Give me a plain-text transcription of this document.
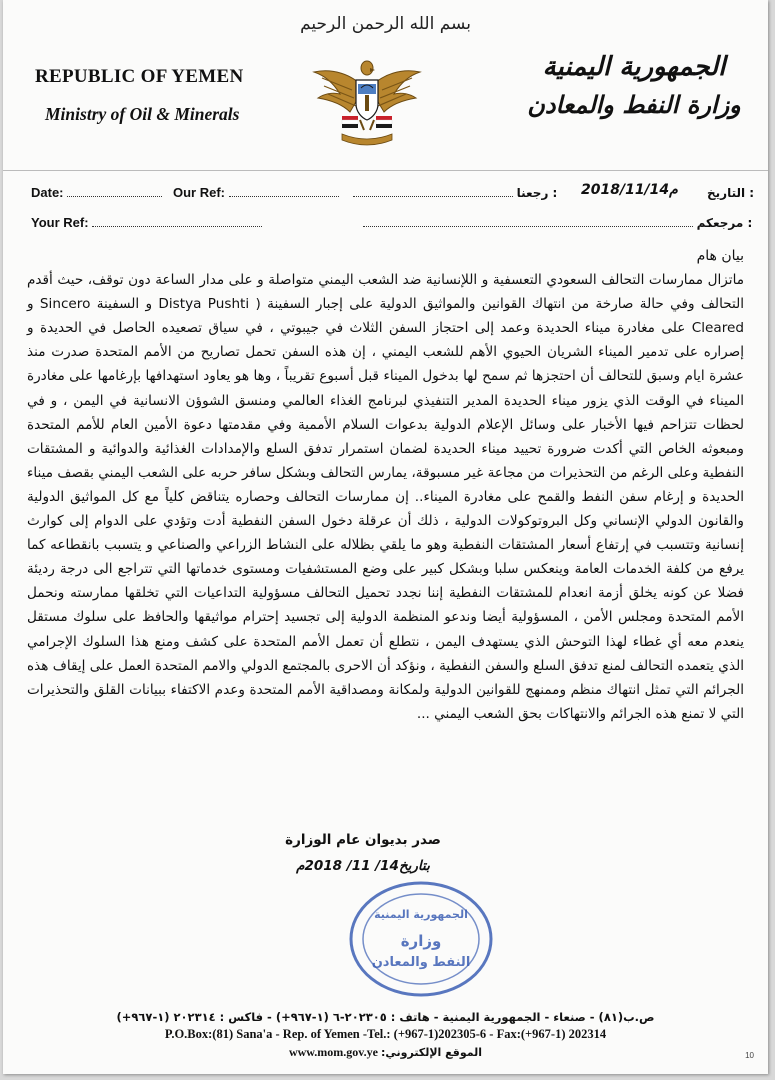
بسم الله الرحمن الرحيم
REPUBLIC OF YEMEN
Ministry of Oil & Minerals
الجمهورية اليمنية
وزارة النفط والمعادن
Date:	Our Ref:	رجعنا : 2018/11/14م التاريخ :
Your Ref:	مرجعكم :
بيان هام

ماتزال ممارسات التحالف السعودي التعسفية و اللإنسانية ضد الشعب اليمني متواصلة و على مدار الساعة دون توقف، حيث أقدم التحالف وفي حالة صارخة من انتهاك القوانين والمواثيق الدولية على إجبار السفينة ( Distya Pushti و السفينة Sincero و Cleared على مغادرة ميناء الحديدة وعمد إلى احتجاز السفن الثلاث في جيبوتي ، في سياق تصعيده الحاصل في الحديدة و إصراره على تدمير الميناء الشريان الحيوي الأهم للشعب اليمني ، إن هذه السفن تحمل تصاريح من الأمم المتحدة صدرت منذ عشرة ايام وسبق للتحالف أن احتجزها ثم سمح لها بدخول الميناء قبل أسبوع تقريباً ، وها هو يعاود استهدافها بإرغامها على مغادرة الميناء في الوقت الذي يزور ميناء الحديدة المدير التنفيذي لبرنامج الغذاء العالمي ومنسق الشوؤن الانسانية في اليمن ، و في لحظات تتزاحم فيها الأخبار على وسائل الإعلام الدولية بدعوات السلام الأممية وفي مقدمتها دعوة الأمين العام للأمم المتحدة ومبعوثه الخاص التي أكدت ضرورة تحييد ميناء الحديدة لضمان استمرار تدفق السلع والإمدادات الغذائية والدوائية و المشتقات النفطية وعلى الرغم من التحذيرات من مجاعة غير مسبوقة، يمارس التحالف وبشكل سافر حربه على الشعب اليمني بقصف ميناء الحديدة و إرغام سفن النفط والقمح على مغادرة الميناء.. إن ممارسات التحالف وحصاره يتناقض كلياً مع كل المواثيق الدولية والقانون الدولي الإنساني وكل البروتوكولات الدولية ، ذلك أن عرقلة دخول السفن النفطية أدت وتؤدي على الدوام إلى كوارث إنسانية وتتسبب في إرتفاع أسعار المشتقات النفطية وهو ما يلقي بظلاله على النشاط الزراعي والصناعي و يتسبب بانقطاعه كما يرفع من كلفة الخدمات العامة وينعكس سلبا وبشكل كبير على وضع المستشفيات ومستوى خدماتها التي تتراجع الى درجة رديئة فضلا عن كونه يخلق أزمة انعدام للمشتقات النفطية إننا نجدد تحميل التحالف مسؤولية التداعيات التي تخلقها ممارسته ونحمل الأمم المتحدة ومجلس الأمن ، المسؤولية أيضا وندعو المنظمة الدولية إلى تجسيد إحترام مواثيقها والحافظ على سلوك مستقل ينعدم معه أي غطاء لهذا التوحش الذي يستهدف اليمن ، نتطلع أن تعمل الأمم المتحدة على كشف ومنع هذا السلوك الإجرامي الذي يتعمده التحالف لمنع تدفق السلع والسفن النفطية ، ونؤكد أن الاحرى بالمجتمع الدولي والامم المتحدة العمل على إيقاف هذه الجرائم التي تمثل انتهاك منظم وممنهج للقوانين الدولية ولمكانة ومصداقية الأمم المتحدة وعدم الاكتفاء ببيانات القلق والتحذيرات التي لا تمنع هذه الجرائم والانتهاكات بحق الشعب اليمني ...

صدر بديوان عام الوزارة
بتاريخ14/ 11/ 2018م
الجمهورية اليمنية
وزارة
النفط والمعادن
ص.ب(٨١) - صنعاء - الجمهورية اليمنية - هاتف : ٢٠٢٣٠٥-٦ (١-٩٦٧+) - فاكس : ٢٠٢٣١٤ (١-٩٦٧+)
P.O.Box:(81) Sana'a - Rep. of Yemen -Tel.: (+967-1)202305-6 - Fax:(+967-1) 202314
www.mom.gov.ye :الموقع الإلكتروني	10
